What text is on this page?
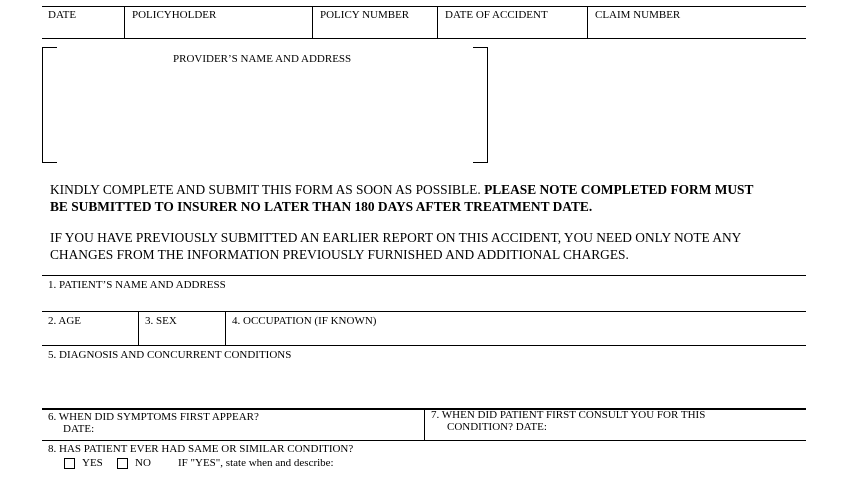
DATE	POLICYHOLDER	POLICY NUMBER	DATE OF ACCIDENT	CLAIM NUMBER
PROVIDER’S NAME AND ADDRESS
KINDLY COMPLETE AND SUBMIT THIS FORM AS SOON AS POSSIBLE. PLEASE NOTE COMPLETED FORM MUST
BE SUBMITTED TO INSURER NO LATER THAN 180 DAYS AFTER TREATMENT DATE.
IF YOU HAVE PREVIOUSLY SUBMITTED AN EARLIER REPORT ON THIS ACCIDENT, YOU NEED ONLY NOTE ANY
CHANGES FROM THE INFORMATION PREVIOUSLY FURNISHED AND ADDITIONAL CHARGES.
1. PATIENT’S NAME AND ADDRESS
2. AGE	3. SEX	4. OCCUPATION (IF KNOWN)
5. DIAGNOSIS AND CONCURRENT CONDITIONS
6. WHEN DID SYMPTOMS FIRST APPEAR?
DATE:
7. WHEN DID PATIENT FIRST CONSULT YOU FOR THIS
CONDITION? DATE:
8. HAS PATIENT EVER HAD SAME OR SIMILAR CONDITION?
YES	NO IF "YES", state when and describe:
